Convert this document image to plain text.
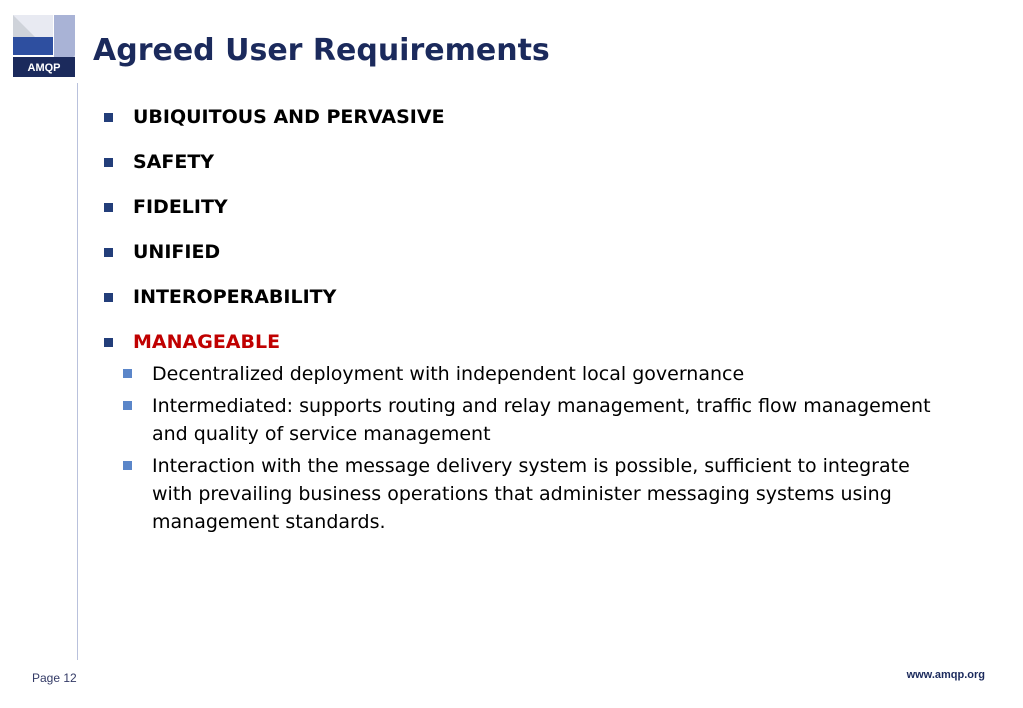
AMQP Agreed User Requirements
UBIQUITOUS AND PERVASIVE
SAFETY
FIDELITY
UNIFIED
INTEROPERABILITY
MANAGEABLE
Decentralized deployment with independent local governance
Intermediated: supports routing and relay management, traffic flow management and quality of service management
Interaction with the message delivery system is possible, sufficient to integrate with prevailing business operations that administer messaging systems using management standards.
Page 12	www.amqp.org
